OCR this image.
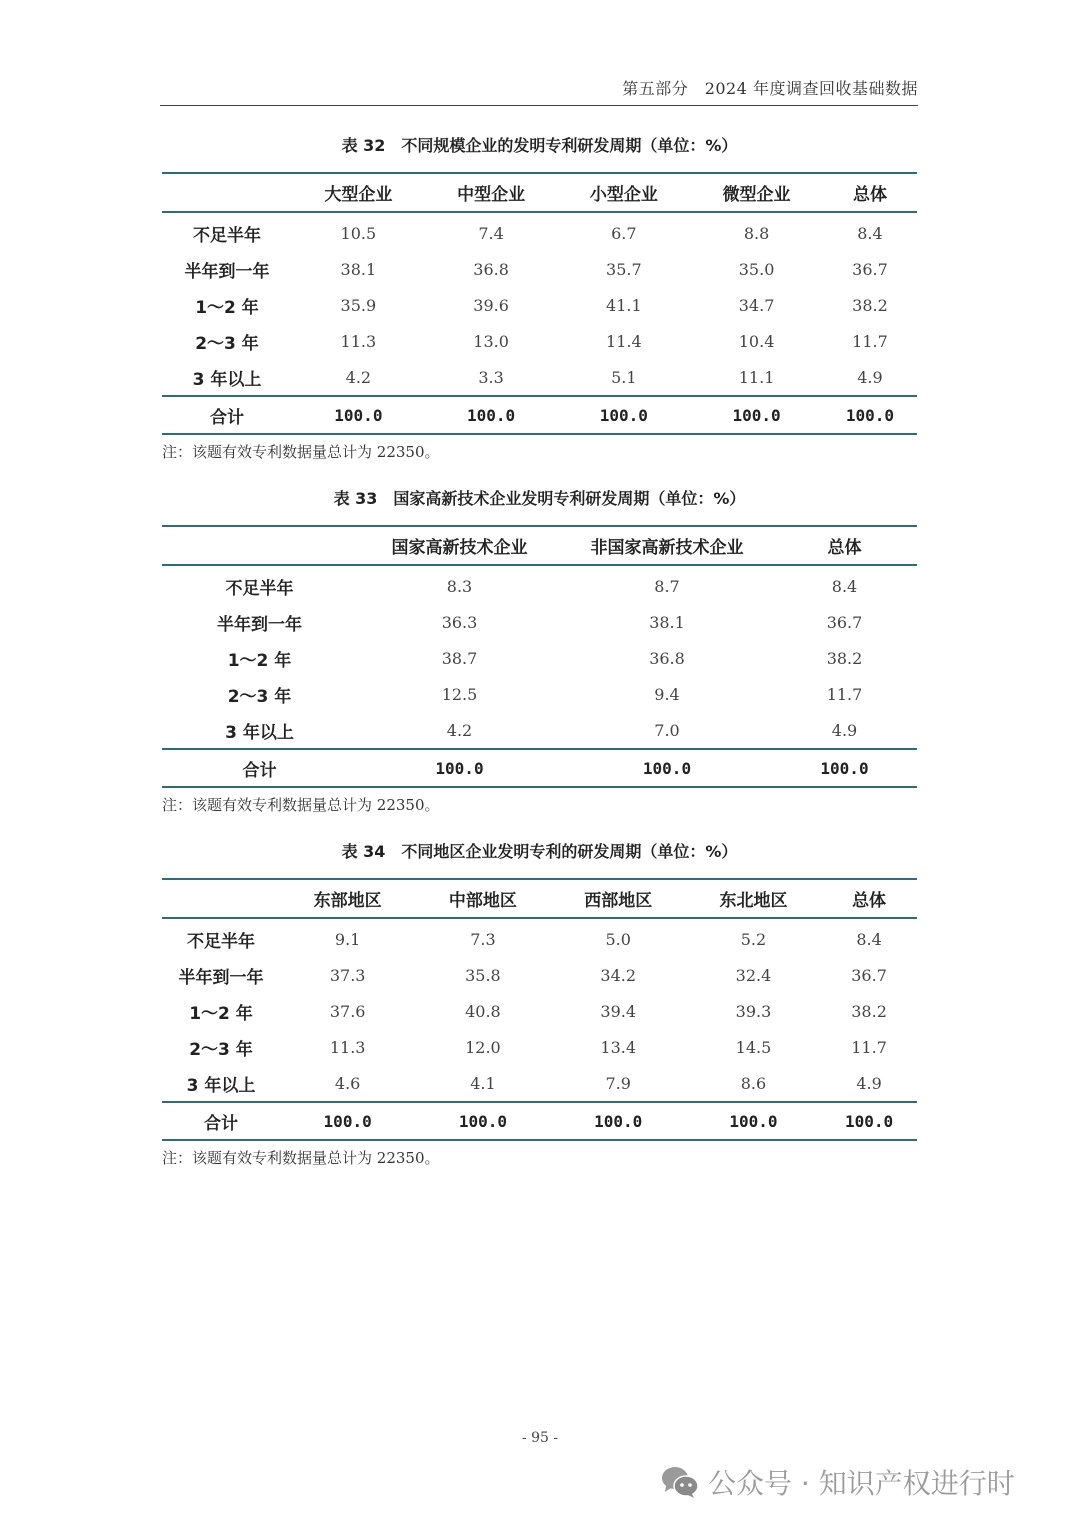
第五部分　2024 年度调查回收基础数据
表 32　不同规模企业的发明专利研发周期（单位：%）
	大型企业	中型企业	小型企业	微型企业	总体
不足半年	10.5	7.4	6.7	8.8	8.4
半年到一年	38.1	36.8	35.7	35.0	36.7
1～2 年	35.9	39.6	41.1	34.7	38.2
2～3 年	11.3	13.0	11.4	10.4	11.7
3 年以上	4.2	3.3	5.1	11.1	4.9
合计	100.0	100.0	100.0	100.0	100.0
注：该题有效专利数据量总计为 22350。
表 33　国家高新技术企业发明专利研发周期（单位：%）
	国家高新技术企业	非国家高新技术企业	总体
不足半年	8.3	8.7	8.4
半年到一年	36.3	38.1	36.7
1～2 年	38.7	36.8	38.2
2～3 年	12.5	9.4	11.7
3 年以上	4.2	7.0	4.9
合计	100.0	100.0	100.0
注：该题有效专利数据量总计为 22350。
表 34　不同地区企业发明专利的研发周期（单位：%）
	东部地区	中部地区	西部地区	东北地区	总体
不足半年	9.1	7.3	5.0	5.2	8.4
半年到一年	37.3	35.8	34.2	32.4	36.7
1～2 年	37.6	40.8	39.4	39.3	38.2
2～3 年	11.3	12.0	13.4	14.5	11.7
3 年以上	4.6	4.1	7.9	8.6	4.9
合计	100.0	100.0	100.0	100.0	100.0
注：该题有效专利数据量总计为 22350。
- 95 -
公众号 · 知识产权进行时
